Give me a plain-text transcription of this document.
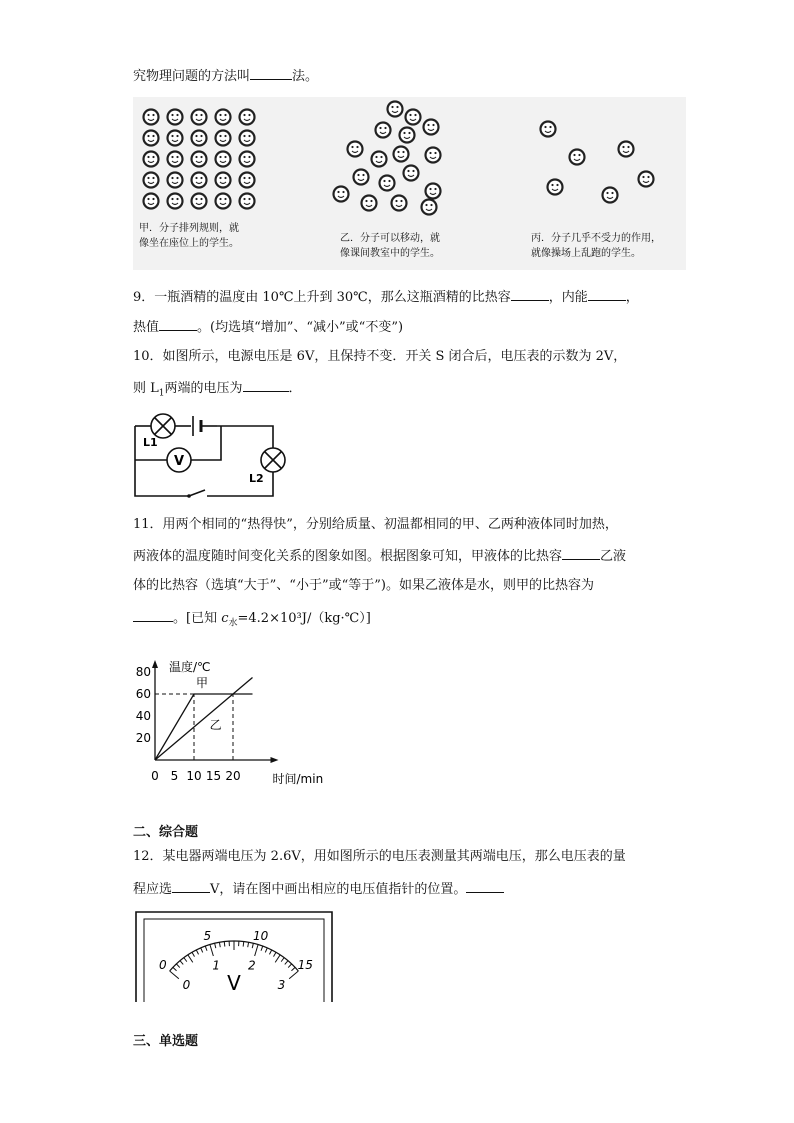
究物理问题的方法叫	法。
甲．分子排列规则，就
像坐在座位上的学生。	乙．分子可以移动，就
像课间教室中的学生。
丙．分子几乎不受力的作用，
就像操场上乱跑的学生。
9．一瓶酒精的温度由 10℃上升到 30℃，那么这瓶酒精的比热容	，内能	，
热值	。(均选填“增加”、“减小”或“不变”)
10．如图所示，电源电压是 6V，且保持不变．开关 S 闭合后，电压表的示数为 2V，
则 $L_1$两端的电压为	．
V
L1
L2
11．用两个相同的“热得快”，分别给质量、初温都相同的甲、乙两种液体同时加热，
两液体的温度随时间变化关系的图象如图。根据图象可知，甲液体的比热容	乙液
体的比热容（选填“大于”、“小于”或“等于”)。如果乙液体是水，则甲的比热容为
。[已知 $c_水=4.2\times 10^3J/(kg\cdot℃)$]
温度/℃
时间/min
20
40
60
80
0 5 10 15 20
甲
乙
二、综合题
12．某电器两端电压为 2.6V，用如图所示的电压表测量其两端电压，那么电压表的量
程应选	V，请在图中画出相应的电压值指针的位置。
0
5	10
15
0
1 2
3
V
三、单选题
